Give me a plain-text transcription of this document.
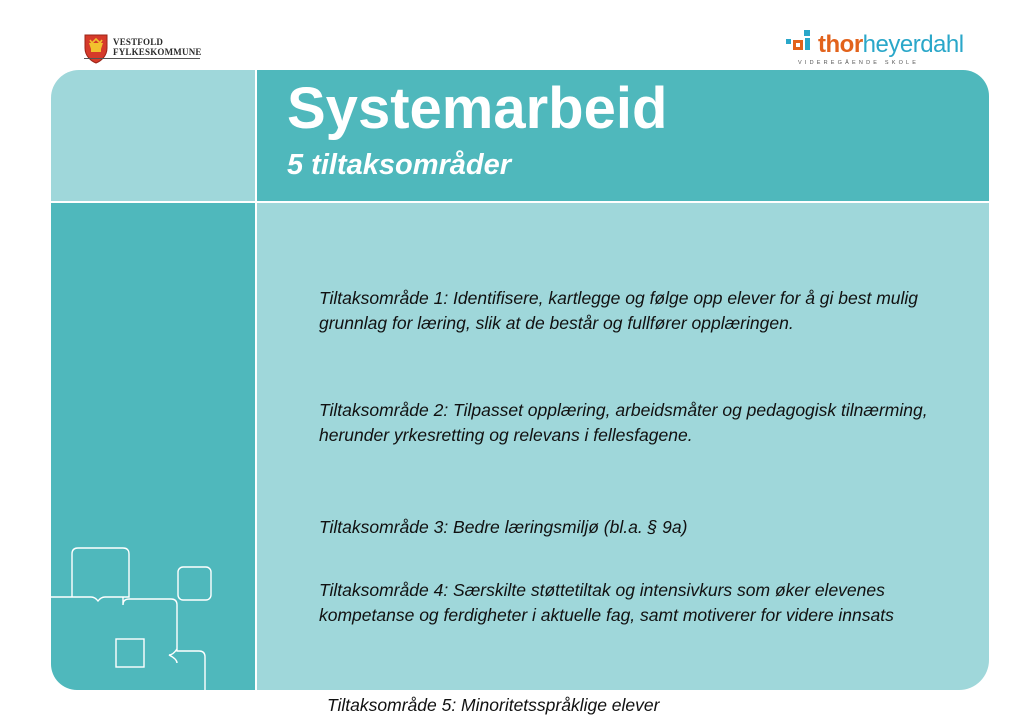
VESTFOLD
FYLKESKOMMUNE	thorheyerdahl
VIDEREGÅENDE SKOLE
Systemarbeid
5 tiltaksområder

Tiltaksområde 1: Identifisere, kartlegge og følge opp elever for å gi best mulig grunnlag for læring, slik at de består og fullfører opplæringen.

Tiltaksområde 2: Tilpasset opplæring, arbeidsmåter og pedagogisk tilnærming, herunder yrkesretting og relevans i fellesfagene.

Tiltaksområde 3: Bedre læringsmiljø (bl.a. § 9a)

Tiltaksområde 4: Særskilte støttetiltak og intensivkurs som øker elevenes kompetanse og ferdigheter i aktuelle fag, samt motiverer for videre innsats

Tiltaksområde 5: Minoritetsspråklige elever
